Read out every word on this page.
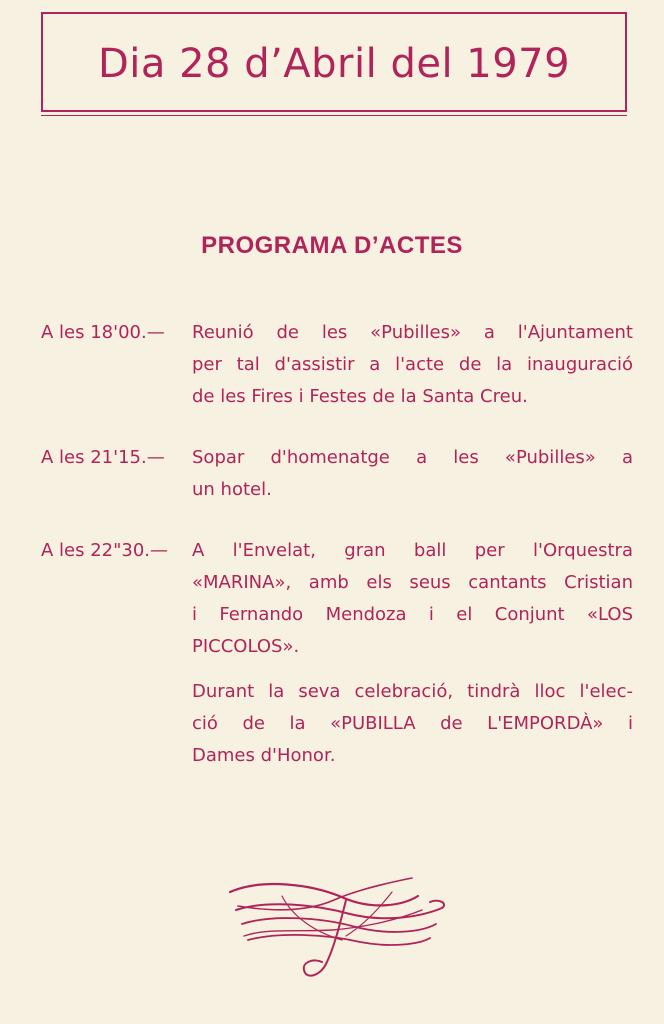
Dia 28 d’Abril del 1979
PROGRAMA D’ACTES
A les 18'00.— Reunió de les «Pubilles» a l'Ajuntament
per tal d'assistir a l'acte de la inauguració
de les Fires i Festes de la Santa Creu.
A les 21'15.— Sopar d'homenatge a les «Pubilles» a
un hotel.
A les 22"30.— A l'Envelat, gran ball per l'Orquestra
«MARINA», amb els seus cantants Cristian
i Fernando Mendoza i el Conjunt «LOS
PICCOLOS».
Durant la seva celebració, tindrà lloc l'elec-
ció de la «PUBILLA de L'EMPORDÀ» i
Dames d'Honor.
